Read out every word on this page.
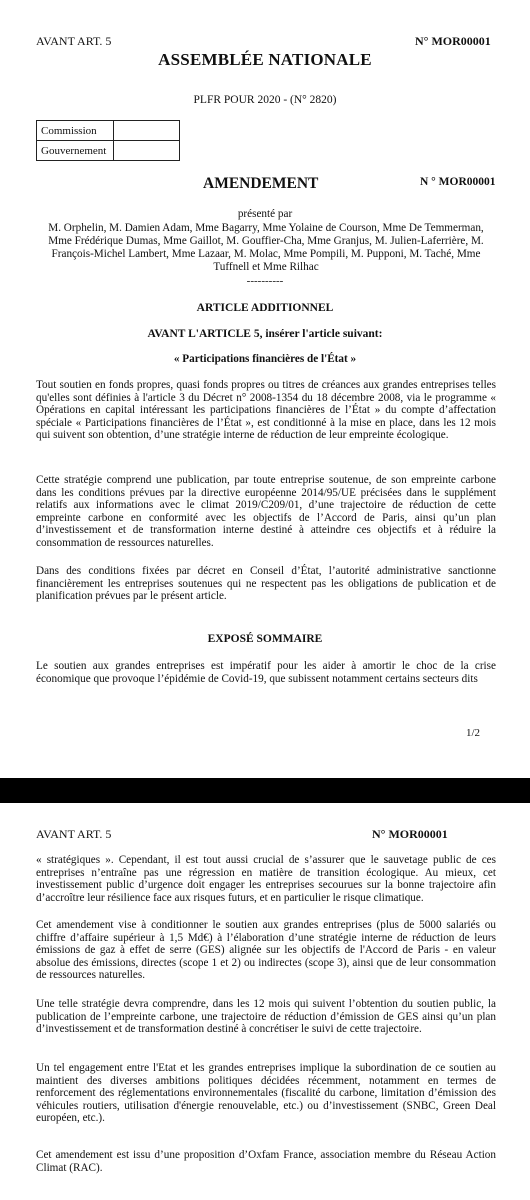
AVANT ART. 5	N° MOR00001
ASSEMBLÉE NATIONALE
PLFR POUR 2020 - (N° 2820)
Commission	
Gouvernement	
AMENDEMENT	N ° MOR00001
présenté par
M. Orphelin, M. Damien Adam, Mme Bagarry, Mme Yolaine de Courson, Mme De Temmerman, Mme Frédérique Dumas, Mme Gaillot, M. Gouffier-Cha, Mme Granjus, M. Julien-Laferrière, M. François-Michel Lambert, Mme Lazaar, M. Molac, Mme Pompili, M. Pupponi, M. Taché, Mme Tuffnell et Mme Rilhac
----------
ARTICLE ADDITIONNEL
AVANT L'ARTICLE 5, insérer l'article suivant:
« Participations financières de l'État »
Tout soutien en fonds propres, quasi fonds propres ou titres de créances aux grandes entreprises telles qu'elles sont définies à l'article 3 du Décret n° 2008-1354 du 18 décembre 2008, via le programme « Opérations en capital intéressant les participations financières de l’État » du compte d’affectation spéciale « Participations financières de l’État », est conditionné à la mise en place, dans les 12 mois qui suivent son obtention, d’une stratégie interne de réduction de leur empreinte écologique.
Cette stratégie comprend une publication, par toute entreprise soutenue, de son empreinte carbone dans les conditions prévues par la directive européenne 2014/95/UE précisées dans le supplément relatifs aux informations avec le climat 2019/C209/01, d’une trajectoire de réduction de cette empreinte carbone en conformité avec les objectifs de l’Accord de Paris, ainsi qu’un plan d’investissement et de transformation interne destiné à atteindre ces objectifs et à réduire la consommation de ressources naturelles.
Dans des conditions fixées par décret en Conseil d’État, l’autorité administrative sanctionne financièrement les entreprises soutenues qui ne respectent pas les obligations de publication et de planification prévues par le présent article.
EXPOSÉ SOMMAIRE
Le soutien aux grandes entreprises est impératif pour les aider à amortir le choc de la crise économique que provoque l’épidémie de Covid-19, que subissent notamment certains secteurs dits
1/2
AVANT ART. 5	N° MOR00001
« stratégiques ». Cependant, il est tout aussi crucial de s’assurer que le sauvetage public de ces entreprises n’entraîne pas une régression en matière de transition écologique. Au mieux, cet investissement public d’urgence doit engager les entreprises secourues sur la bonne trajectoire afin d’accroître leur résilience face aux risques futurs, et en particulier le risque climatique.
Cet amendement vise à conditionner le soutien aux grandes entreprises (plus de 5000 salariés ou chiffre d’affaire supérieur à 1,5 Md€) à l’élaboration d’une stratégie interne de réduction de leurs émissions de gaz à effet de serre (GES) alignée sur les objectifs de l'Accord de Paris - en valeur absolue des émissions, directes (scope 1 et 2) ou indirectes (scope 3), ainsi que de leur consommation de ressources naturelles.
Une telle stratégie devra comprendre, dans les 12 mois qui suivent l’obtention du soutien public, la publication de l’empreinte carbone, une trajectoire de réduction d’émission de GES ainsi qu’un plan d’investissement et de transformation destiné à concrétiser le suivi de cette trajectoire.
Un tel engagement entre l'Etat et les grandes entreprises implique la subordination de ce soutien au maintient des diverses ambitions politiques décidées récemment, notamment en termes de renforcement des réglementations environnementales (fiscalité du carbone, limitation d’émission des véhicules routiers, utilisation d'énergie renouvelable, etc.) ou d’investissement (SNBC, Green Deal européen, etc.).
Cet amendement est issu d’une proposition d’Oxfam France, association membre du Réseau Action Climat (RAC).
